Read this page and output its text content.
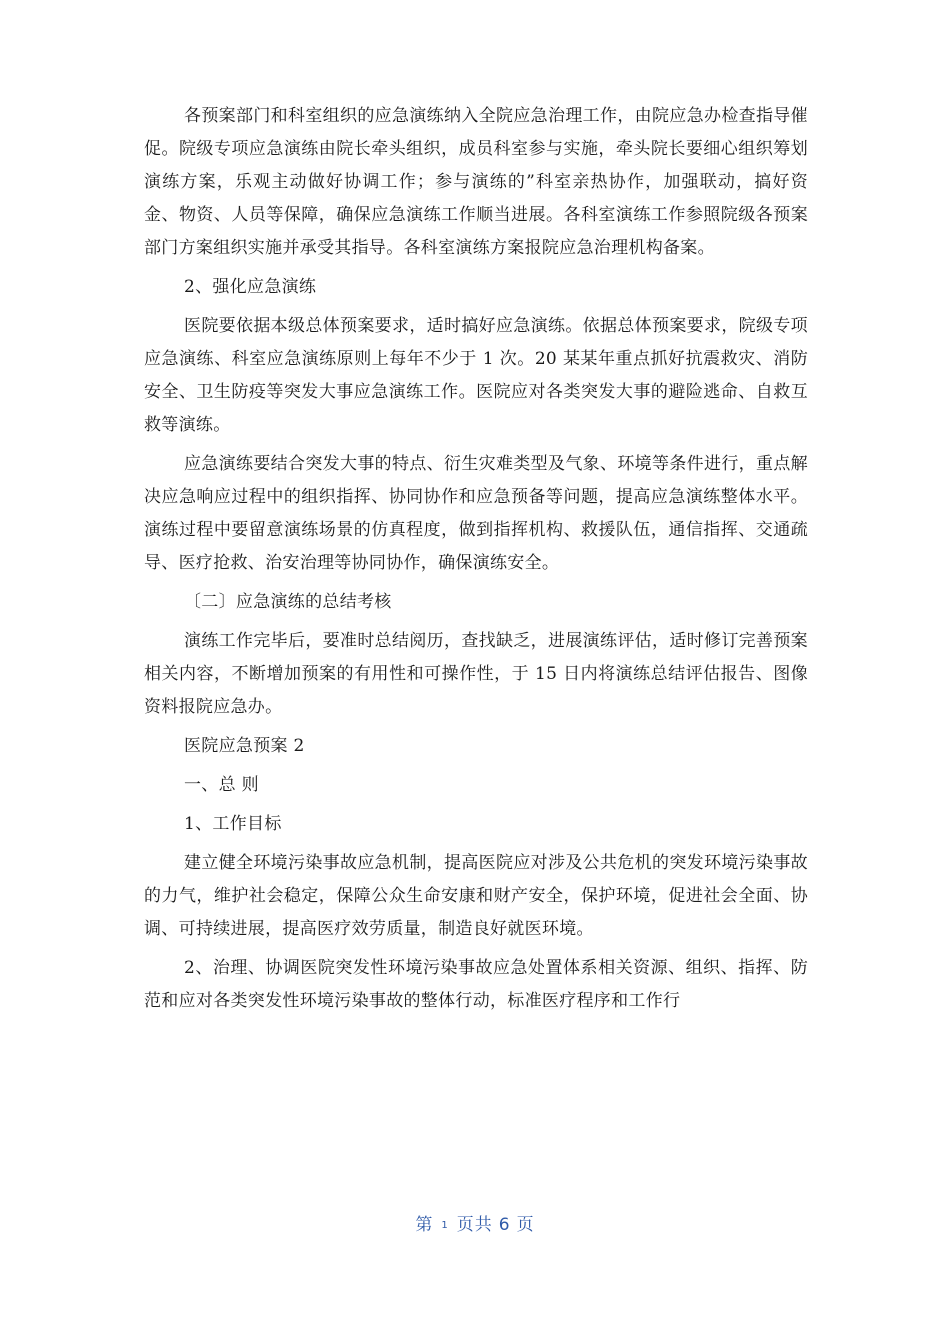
各预案部门和科室组织的应急演练纳入全院应急治理工作，由院应急办检查指导催促。院级专项应急演练由院长牵头组织，成员科室参与实施，牵头院长要细心组织筹划演练方案，乐观主动做好协调工作；参与演练的”科室亲热协作，加强联动，搞好资金、物资、人员等保障，确保应急演练工作顺当进展。各科室演练工作参照院级各预案部门方案组织实施并承受其指导。各科室演练方案报院应急治理机构备案。

2、强化应急演练

医院要依据本级总体预案要求，适时搞好应急演练。依据总体预案要求，院级专项应急演练、科室应急演练原则上每年不少于 1 次。20 某某年重点抓好抗震救灾、消防安全、卫生防疫等突发大事应急演练工作。医院应对各类突发大事的避险逃命、自救互救等演练。

应急演练要结合突发大事的特点、衍生灾难类型及气象、环境等条件进行，重点解决应急响应过程中的组织指挥、协同协作和应急预备等问题，提高应急演练整体水平。演练过程中要留意演练场景的仿真程度，做到指挥机构、救援队伍，通信指挥、交通疏导、医疗抢救、治安治理等协同协作，确保演练安全。

〔二〕应急演练的总结考核

演练工作完毕后，要准时总结阅历，查找缺乏，进展演练评估，适时修订完善预案相关内容，不断增加预案的有用性和可操作性，于 15 日内将演练总结评估报告、图像资料报院应急办。

医院应急预案 2

一、总 则

1、工作目标

建立健全环境污染事故应急机制，提高医院应对涉及公共危机的突发环境污染事故的力气，维护社会稳定，保障公众生命安康和财产安全，保护环境，促进社会全面、协调、可持续进展，提高医疗效劳质量，制造良好就医环境。

2、治理、协调医院突发性环境污染事故应急处置体系相关资源、组织、指挥、防范和应对各类突发性环境污染事故的整体行动，标准医疗程序和工作行

第 1 页共 6 页
